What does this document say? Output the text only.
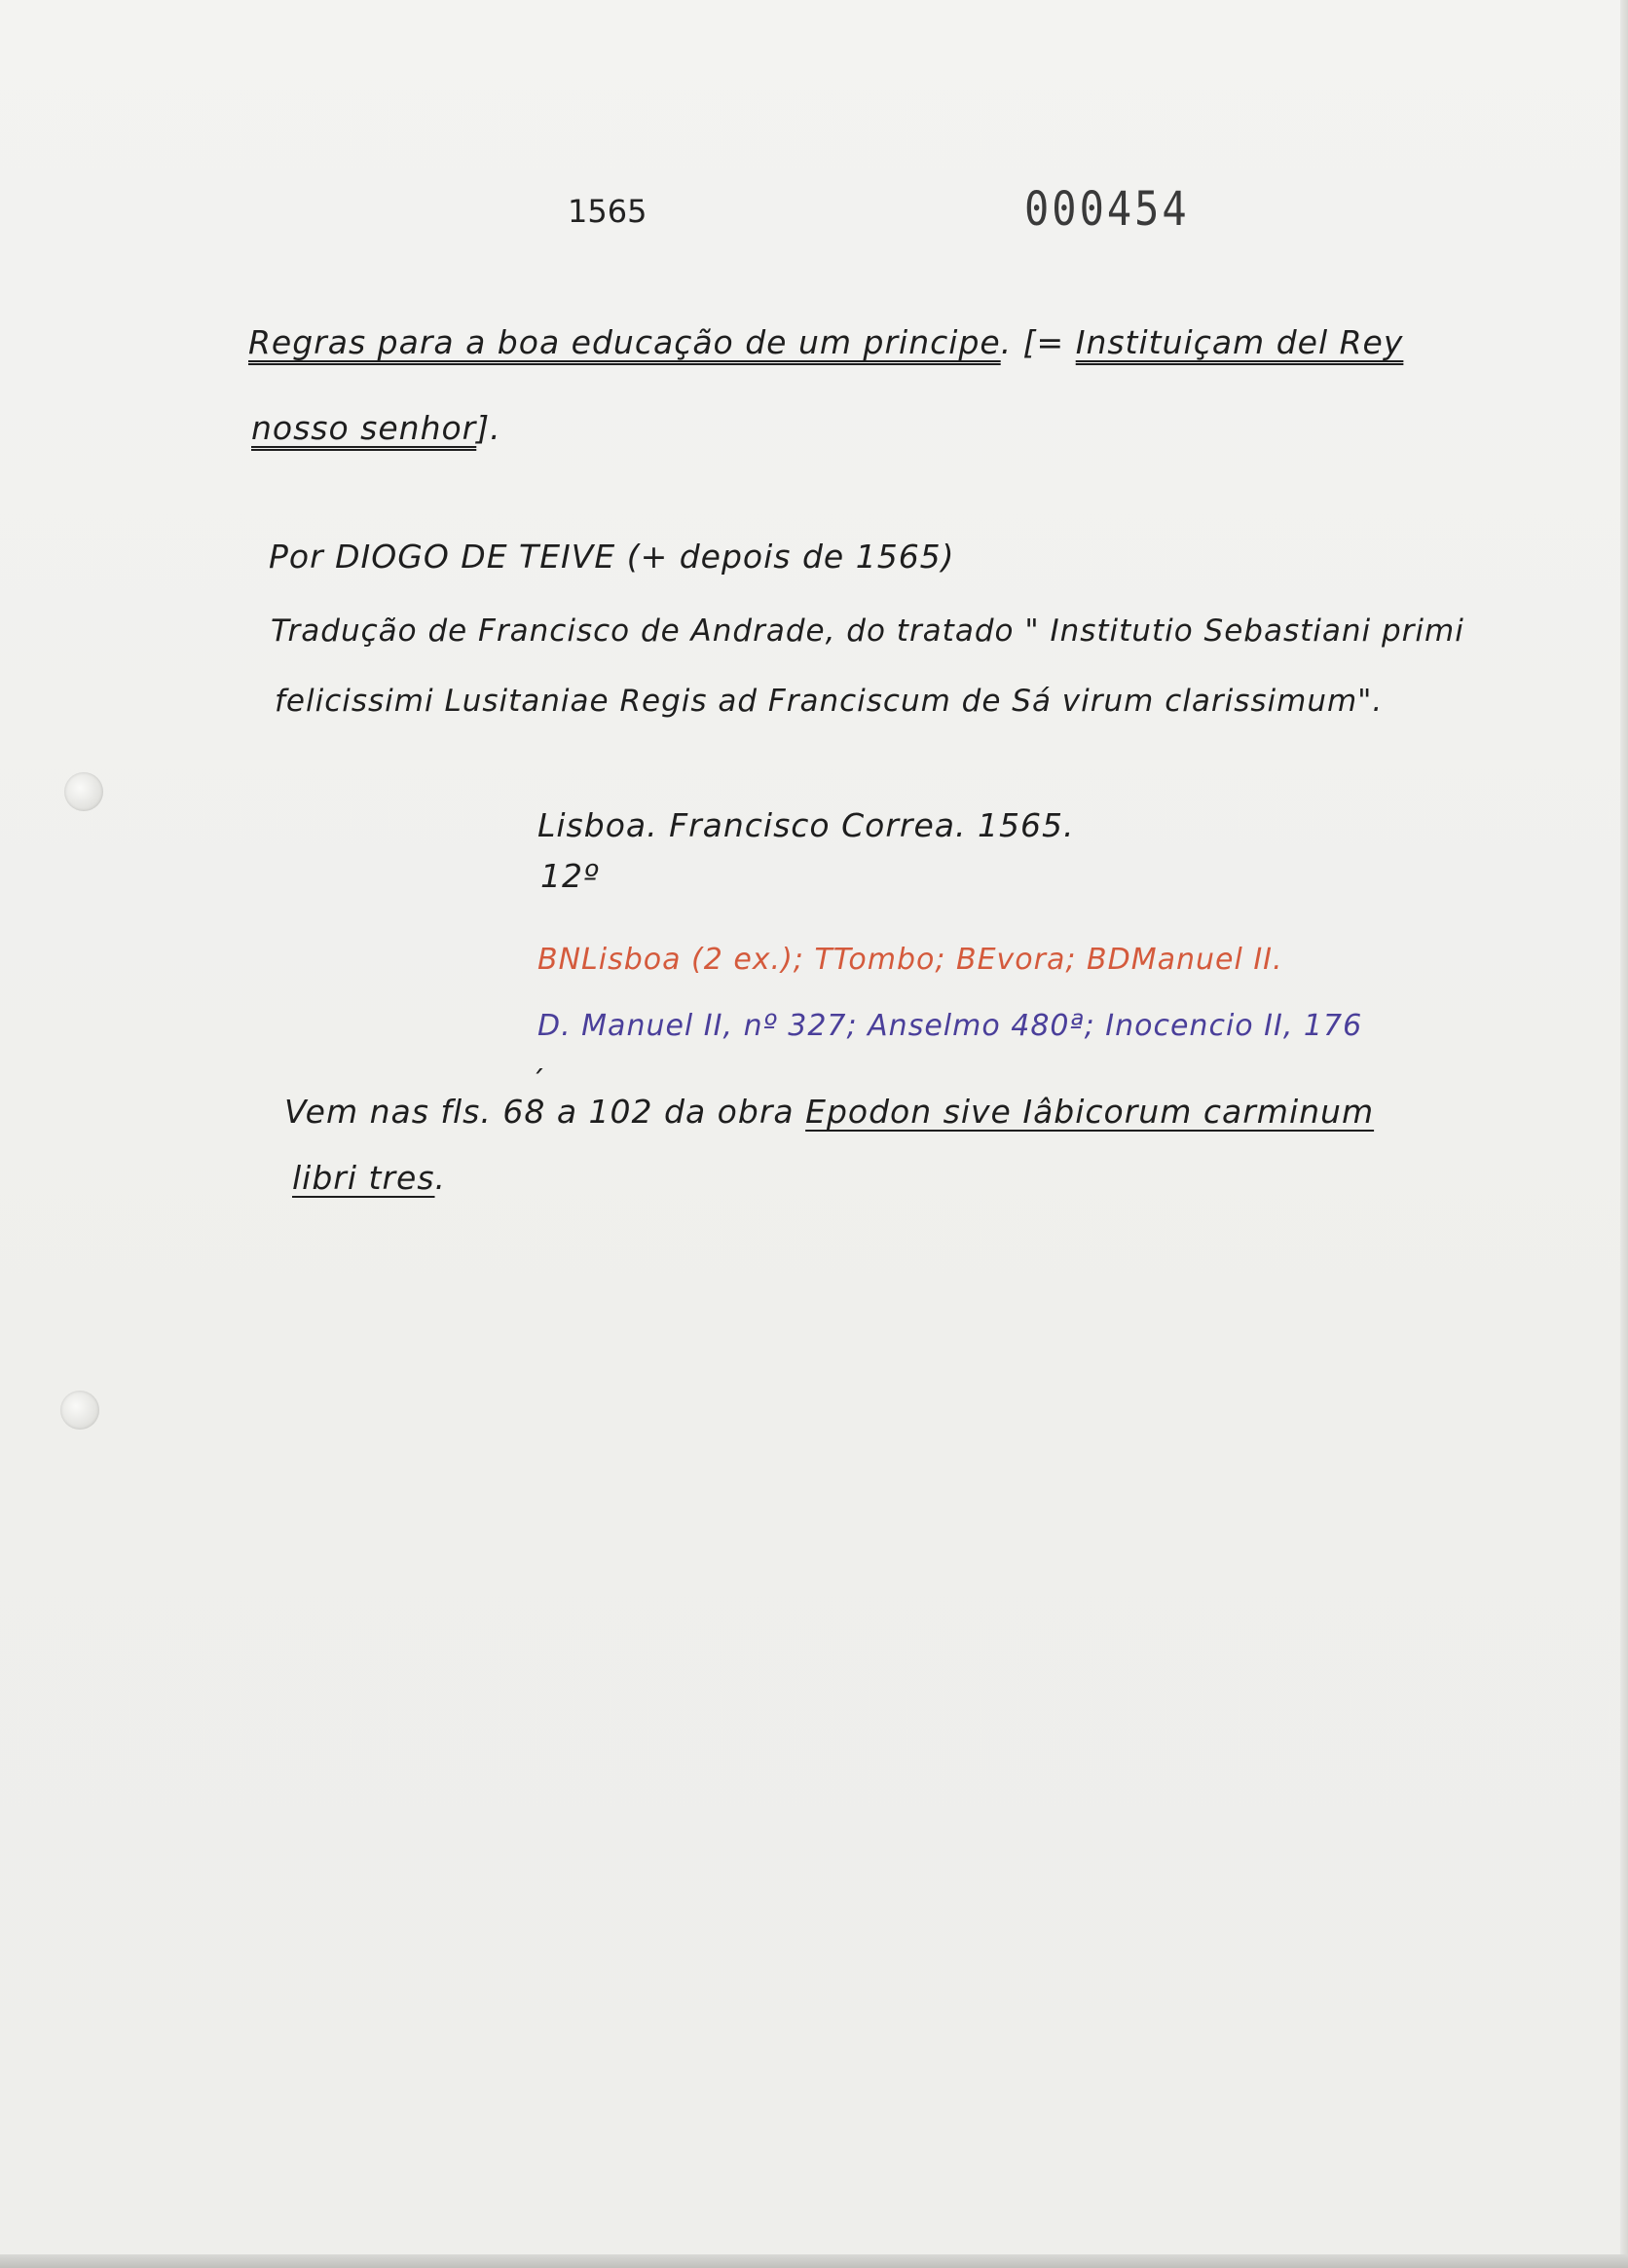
1565	000454
Regras para a boa educação de um principe. [= Instituiçam del Rey
nosso senhor].
Por DIOGO DE TEIVE (+ depois de 1565)
Tradução de Francisco de Andrade, do tratado " Institutio Sebastiani primi
felicissimi Lusitaniae Regis ad Franciscum de Sá virum clarissimum".
Lisboa. Francisco Correa. 1565.
12º
BNLisboa (2 ex.); TTombo; BEvora; BDManuel II.
D. Manuel II, nº 327; Anselmo 480ª; Inocencio II, 176
´
Vem nas fls. 68 a 102 da obra Epodon sive Iâbicorum carminum
libri tres.
